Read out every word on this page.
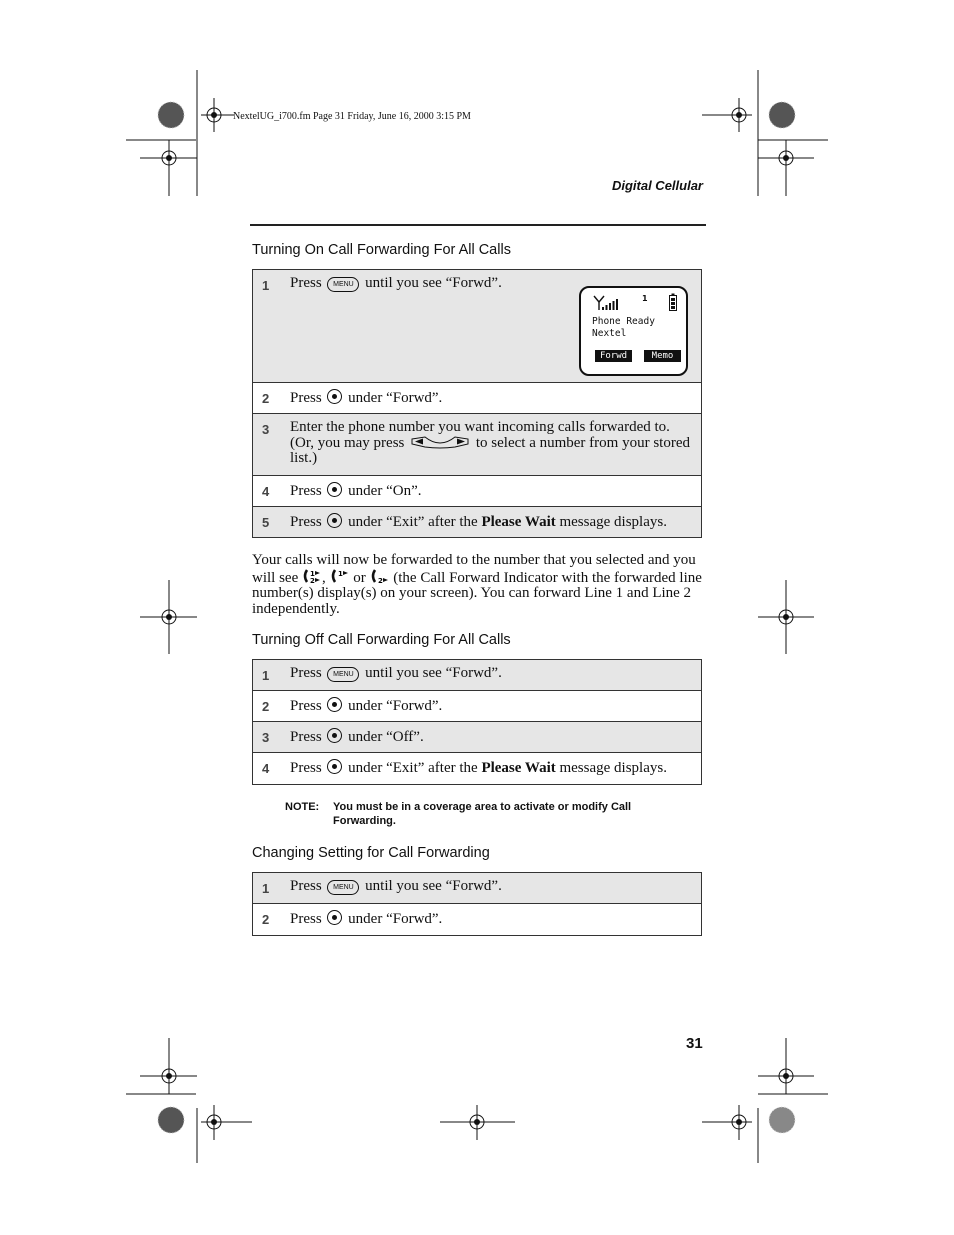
NextelUG_i700.fm Page 31 Friday, June 16, 2000 3:15 PM
Digital Cellular
Turning On Call Forwarding For All Calls
1	Press MENU until you see “Forwd”.
1
Phone Ready
Nextel
Forwd	Memo

2	Press under “Forwd”.

3	Enter the phone number you want incoming calls forwarded to. (Or, you may press	to select a number from your stored list.)

4	Press under “On”.

5	Press under “Exit” after the Please Wait message displays.
Your calls will now be forwarded to the number that you selected and you will see 1
2 , 1 or 2 (the Call Forward Indicator with the forwarded line number(s) display(s) on your screen). You can forward Line 1 and Line 2 independently.
Turning Off Call Forwarding For All Calls
1	Press MENU until you see “Forwd”.

2	Press under “Forwd”.

3	Press under “Off”.

4	Press under “Exit” after the Please Wait message displays.
NOTE: You must be in a coverage area to activate or modify Call
Forwarding.
Changing Setting for Call Forwarding
1	Press MENU until you see “Forwd”.

2	Press under “Forwd”.
31
